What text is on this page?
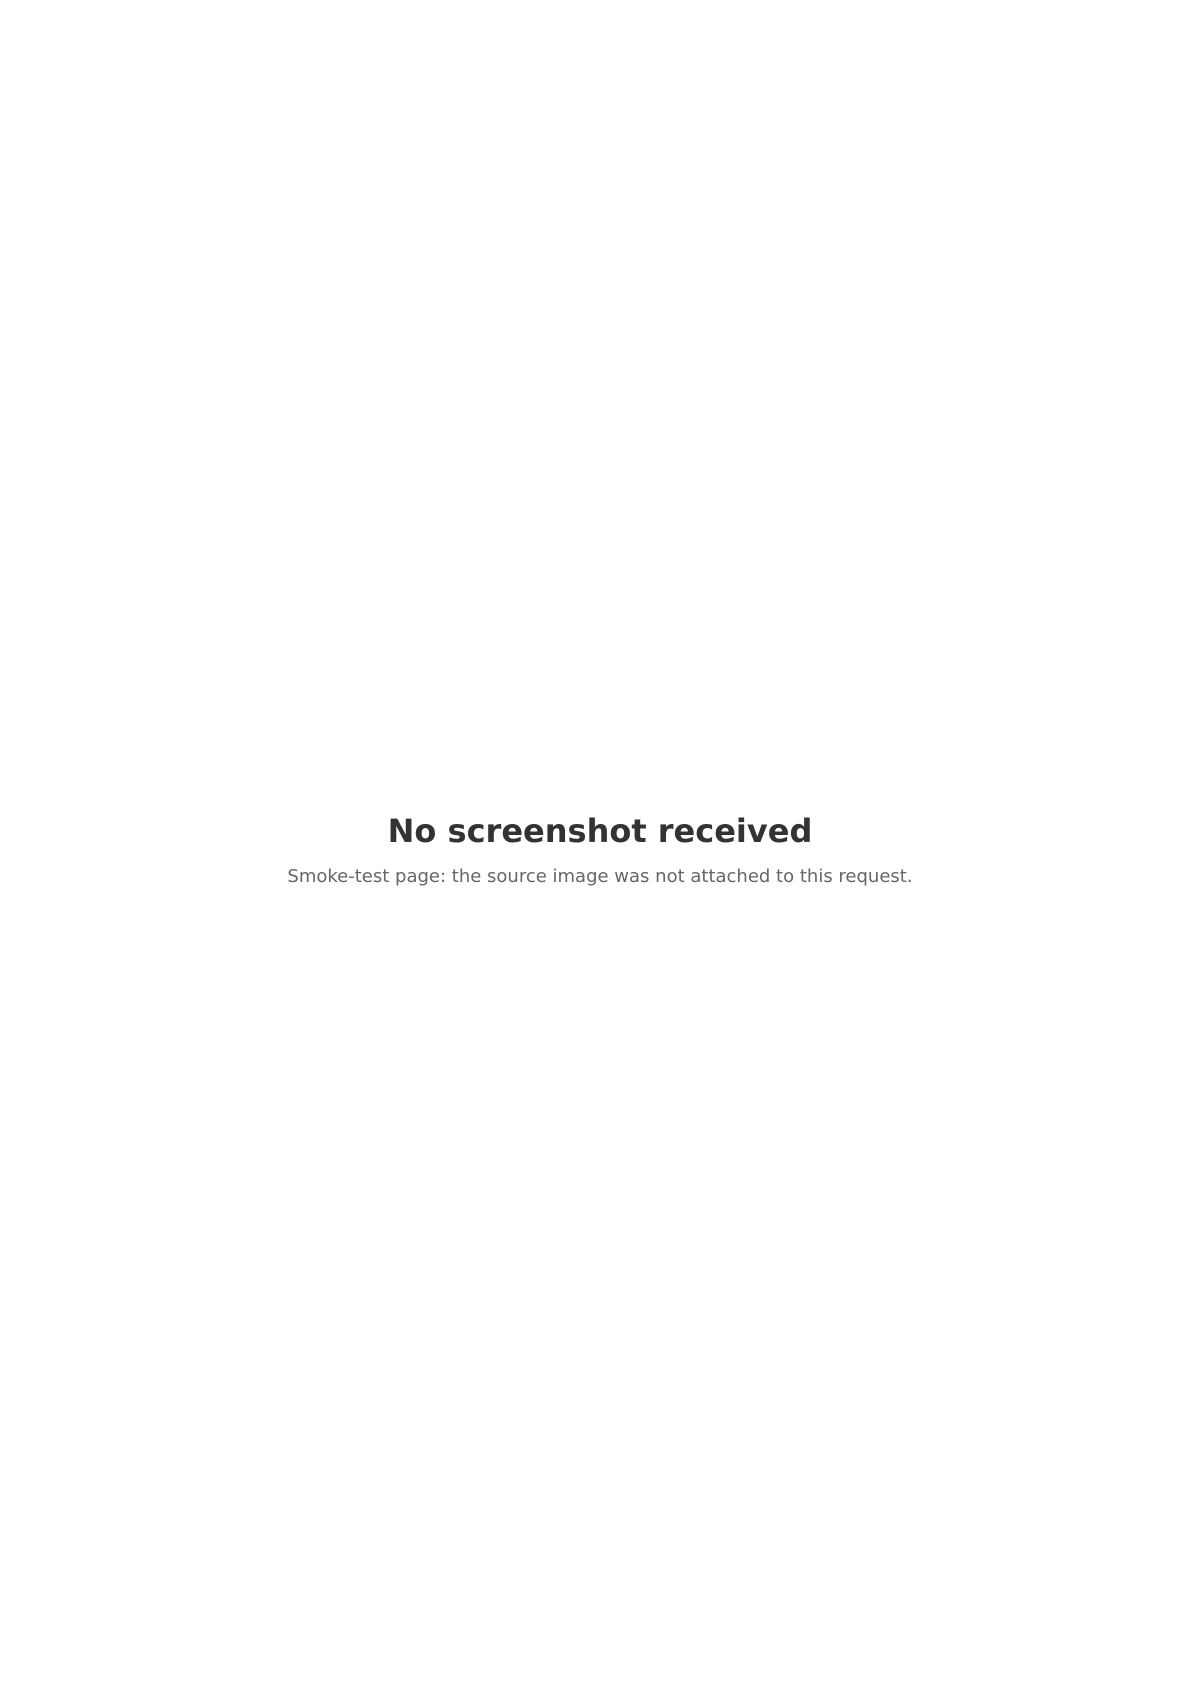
No screenshot received

Smoke-test page: the source image was not attached to this request.
